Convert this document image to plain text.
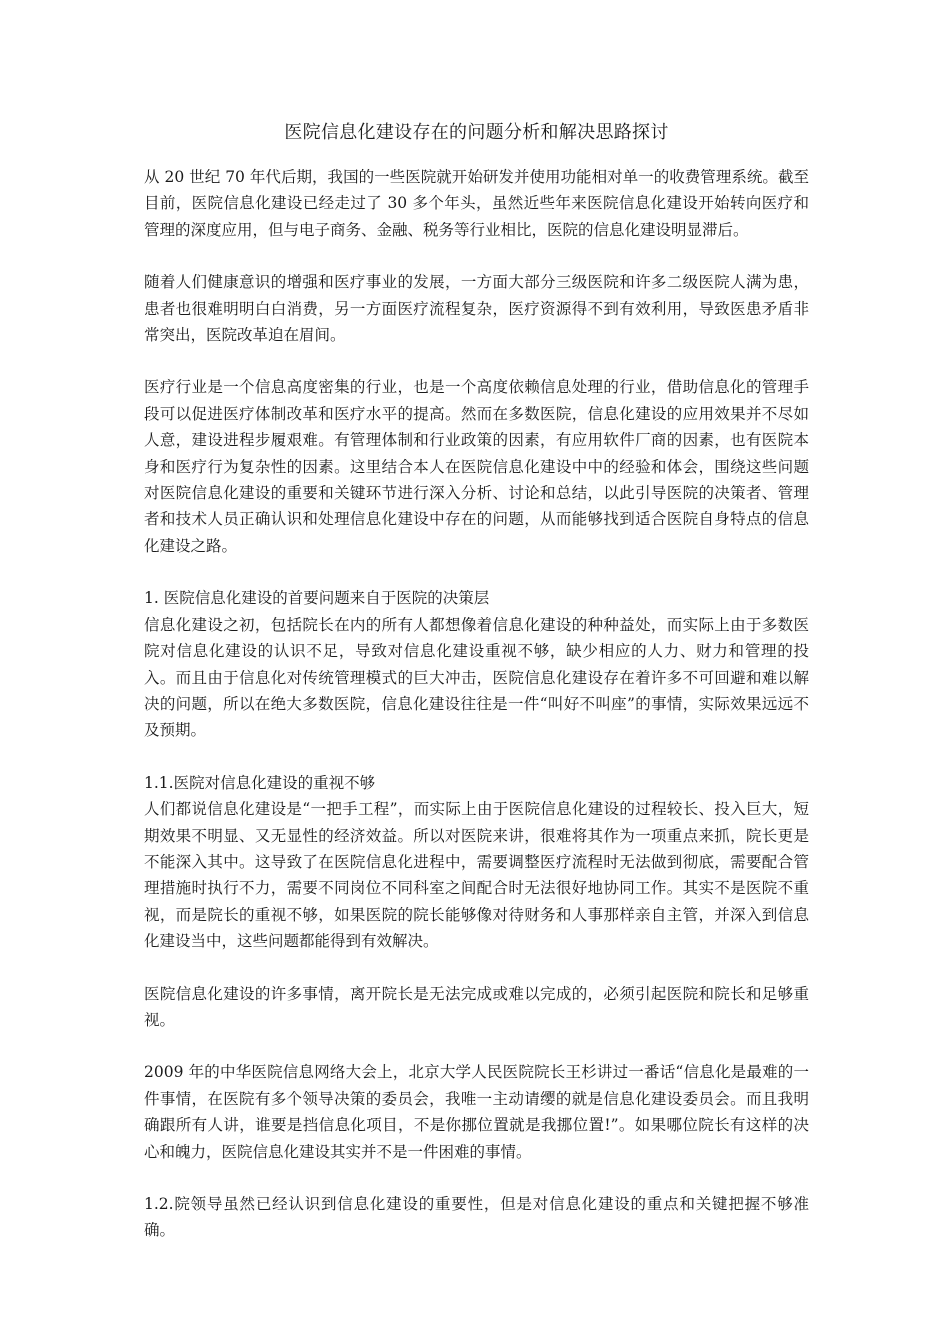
医院信息化建设存在的问题分析和解决思路探讨

从 20 世纪 70 年代后期，我国的一些医院就开始研发并使用功能相对单一的收费管理系统。截至目前，医院信息化建设已经走过了 30 多个年头，虽然近些年来医院信息化建设开始转向医疗和管理的深度应用，但与电子商务、金融、税务等行业相比，医院的信息化建设明显滞后。

随着人们健康意识的增强和医疗事业的发展，一方面大部分三级医院和许多二级医院人满为患，患者也很难明明白白消费，另一方面医疗流程复杂，医疗资源得不到有效利用，导致医患矛盾非常突出，医院改革迫在眉间。

医疗行业是一个信息高度密集的行业，也是一个高度依赖信息处理的行业，借助信息化的管理手段可以促进医疗体制改革和医疗水平的提高。然而在多数医院，信息化建设的应用效果并不尽如人意，建设进程步履艰难。有管理体制和行业政策的因素，有应用软件厂商的因素，也有医院本身和医疗行为复杂性的因素。这里结合本人在医院信息化建设中中的经验和体会，围绕这些问题对医院信息化建设的重要和关键环节进行深入分析、讨论和总结，以此引导医院的决策者、管理者和技术人员正确认识和处理信息化建设中存在的问题，从而能够找到适合医院自身特点的信息化建设之路。

1. 医院信息化建设的首要问题来自于医院的决策层

信息化建设之初，包括院长在内的所有人都想像着信息化建设的种种益处，而实际上由于多数医院对信息化建设的认识不足，导致对信息化建设重视不够，缺少相应的人力、财力和管理的投入。而且由于信息化对传统管理模式的巨大冲击，医院信息化建设存在着许多不可回避和难以解决的问题，所以在绝大多数医院，信息化建设往往是一件“叫好不叫座”的事情，实际效果远远不及预期。

1.1.医院对信息化建设的重视不够

人们都说信息化建设是“一把手工程”，而实际上由于医院信息化建设的过程较长、投入巨大，短期效果不明显、又无显性的经济效益。所以对医院来讲，很难将其作为一项重点来抓，院长更是不能深入其中。这导致了在医院信息化进程中，需要调整医疗流程时无法做到彻底，需要配合管理措施时执行不力，需要不同岗位不同科室之间配合时无法很好地协同工作。其实不是医院不重视，而是院长的重视不够，如果医院的院长能够像对待财务和人事那样亲自主管，并深入到信息化建设当中，这些问题都能得到有效解决。

医院信息化建设的许多事情，离开院长是无法完成或难以完成的，必须引起医院和院长和足够重视。

2009 年的中华医院信息网络大会上，北京大学人民医院院长王杉讲过一番话“信息化是最难的一件事情，在医院有多个领导决策的委员会，我唯一主动请缨的就是信息化建设委员会。而且我明确跟所有人讲，谁要是挡信息化项目，不是你挪位置就是我挪位置!”。如果哪位院长有这样的决心和魄力，医院信息化建设其实并不是一件困难的事情。

1.2.院领导虽然已经认识到信息化建设的重要性，但是对信息化建设的重点和关键把握不够准确。
